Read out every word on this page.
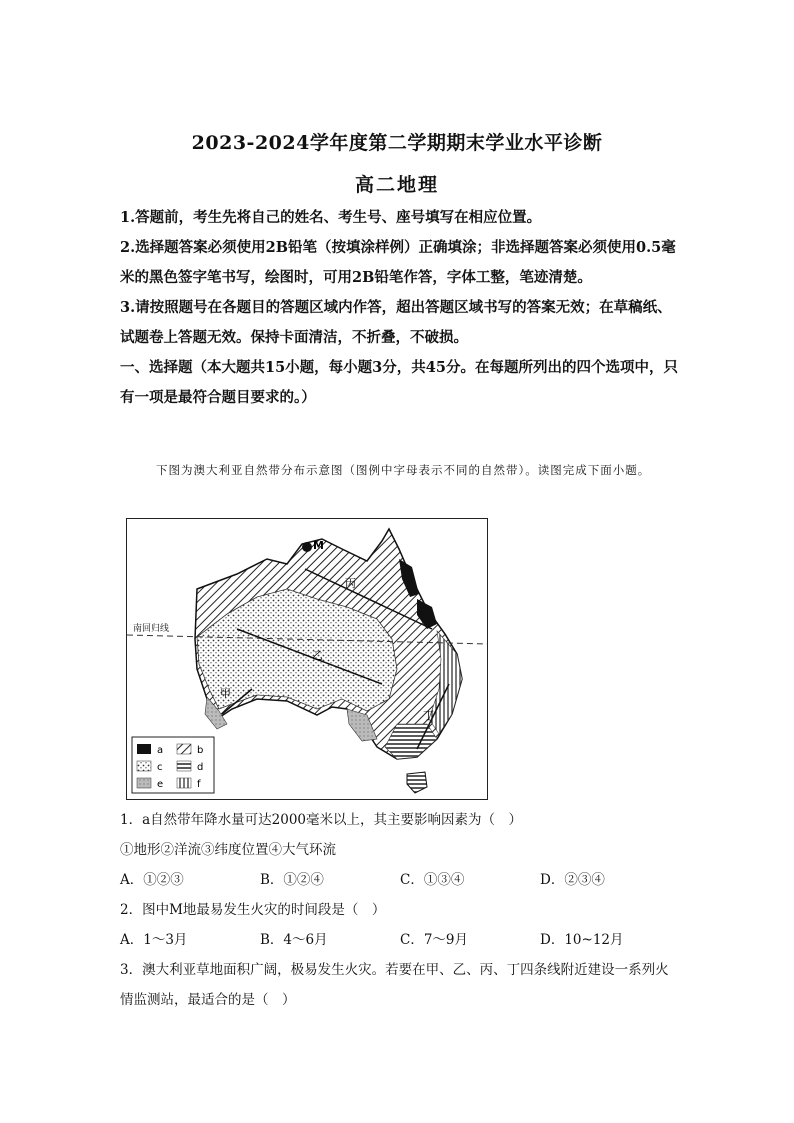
2023-2024学年度第二学期期末学业水平诊断
高二地理

1.答题前，考生先将自己的姓名、考生号、座号填写在相应位置。

2.选择题答案必须使用2B铅笔（按填涂样例）正确填涂；非选择题答案必须使用0.5毫米的黑色签字笔书写，绘图时，可用2B铅笔作答，字体工整，笔迹清楚。

3.请按照题号在各题目的答题区域内作答，超出答题区域书写的答案无效；在草稿纸、试题卷上答题无效。保持卡面清洁，不折叠，不破损。

一、选择题（本大题共15小题，每小题3分，共45分。在每题所列出的四个选项中，只有一项是最符合题目要求的。）

下图为澳大利亚自然带分布示意图（图例中字母表示不同的自然带）。读图完成下面小题。

南回归线
甲
乙
丙
丁
M
a	b
c	d
e	f

1．a自然带年降水量可达2000毫米以上，其主要影响因素为（　）

①地形②洋流③纬度位置④大气环流

A．①②③	B．①②④	C．①③④	D．②③④

2．图中M地最易发生火灾的时间段是（　）

A．1～3月	B．4～6月	C．7～9月	D．10~12月

3．澳大利亚草地面积广阔，极易发生火灾。若要在甲、乙、丙、丁四条线附近建设一系列火情监测站，最适合的是（　）
